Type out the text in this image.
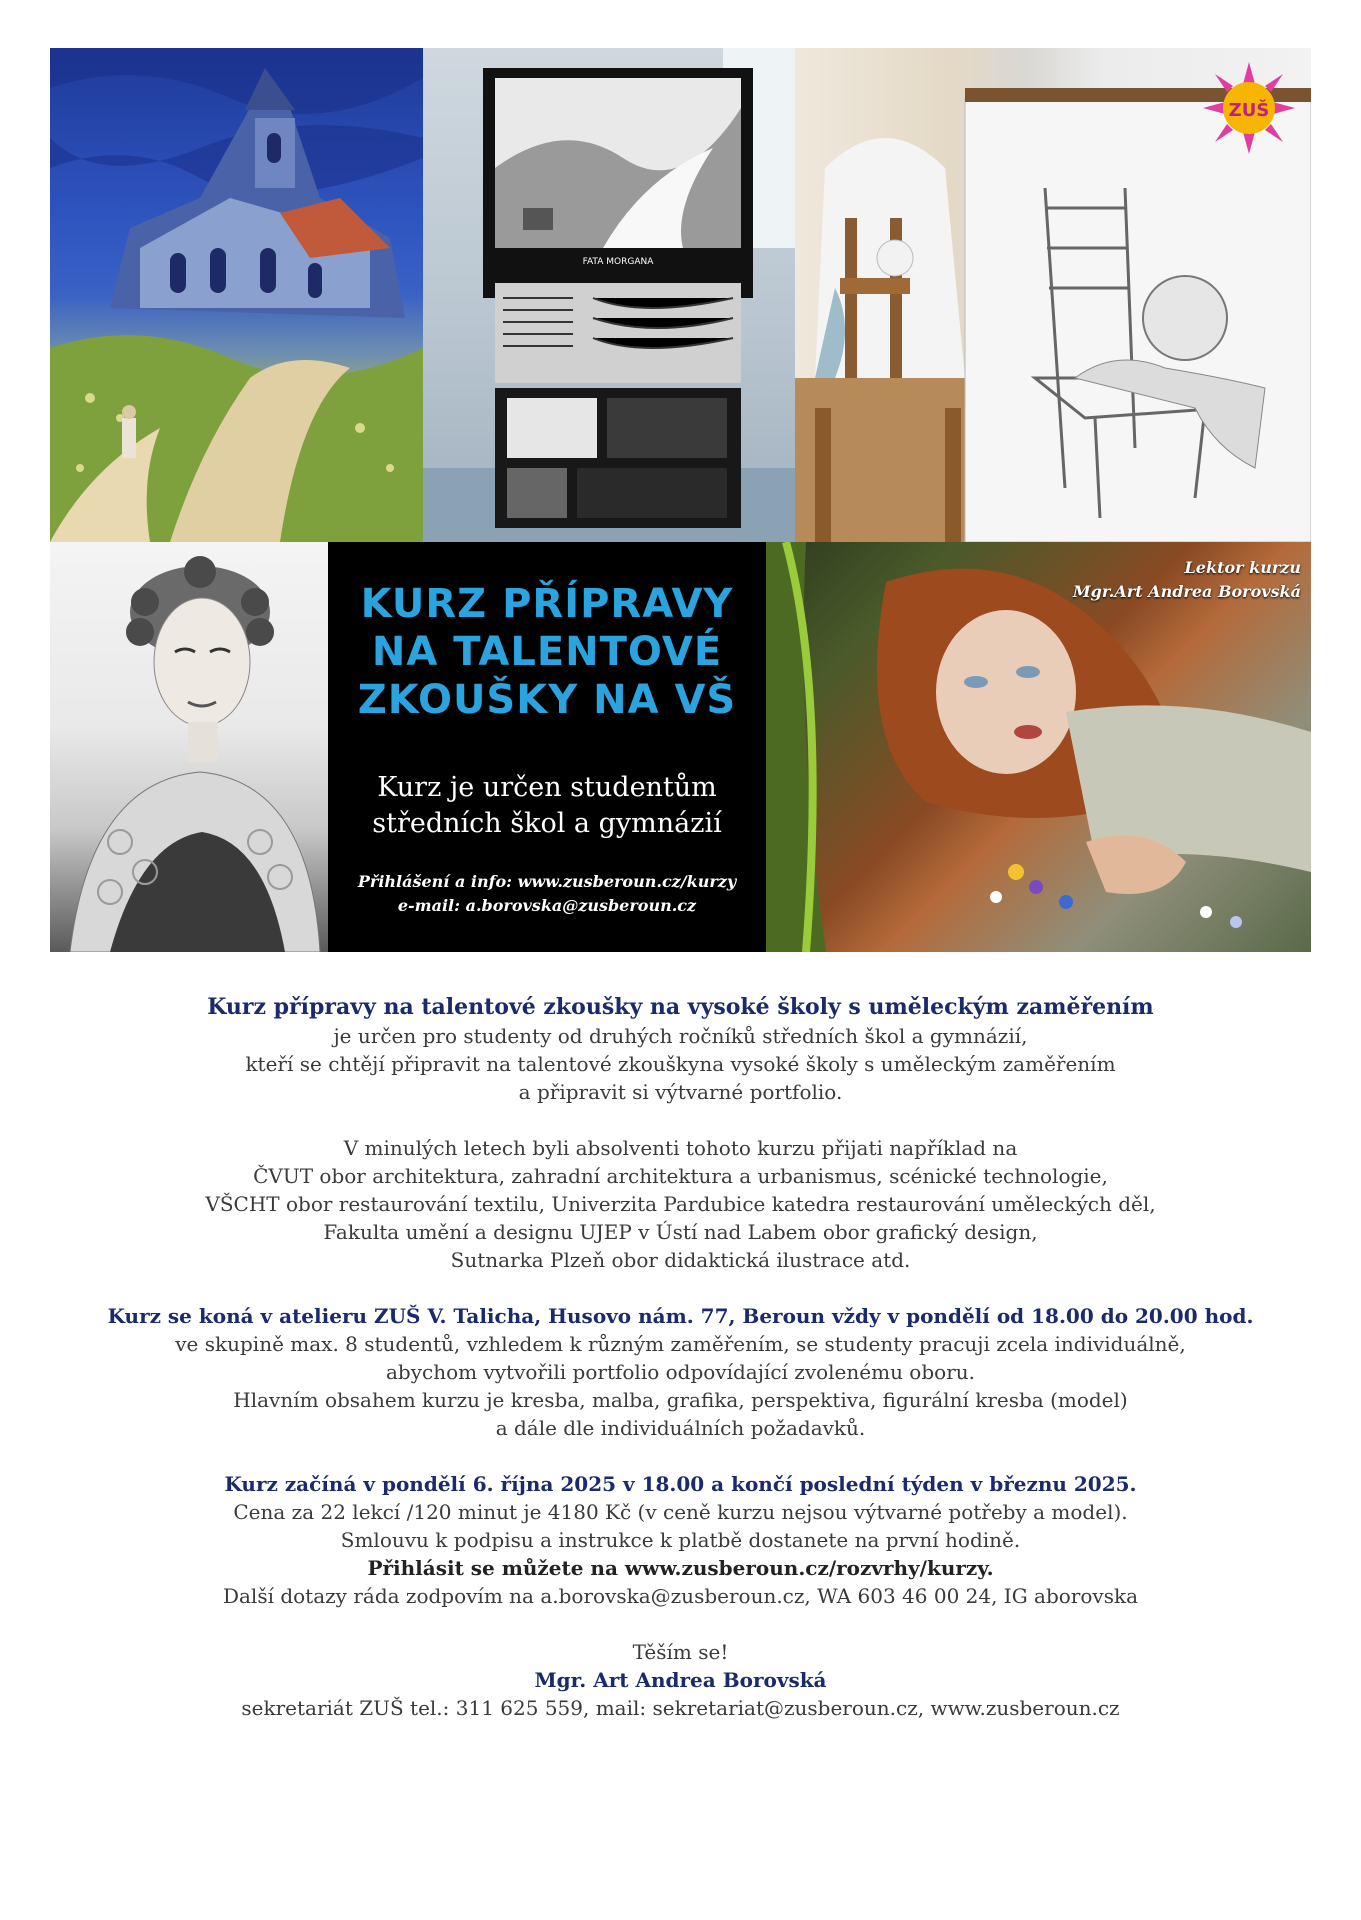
FATA MORGANA
ZUŠ
KURZ PŘÍPRAVY
NA TALENTOVÉ
ZKOUŠKY NA VŠ
Kurz je určen studentům
středních škol a gymnázií
Přihlášení a info: www.zusberoun.cz/kurzy
e-mail: a.borovska@zusberoun.cz
Lektor kurzu
Mgr.Art Andrea Borovská

Kurz přípravy na talentové zkoušky na vysoké školy s uměleckým zaměřením

je určen pro studenty od druhých ročníků středních škol a gymnázií,

kteří se chtějí připravit na talentové zkouškyna vysoké školy s uměleckým zaměřením

a připravit si výtvarné portfolio.

V minulých letech byli absolventi tohoto kurzu přijati například na

ČVUT obor architektura, zahradní architektura a urbanismus, scénické technologie,

VŠCHT obor restaurování textilu, Univerzita Pardubice katedra restaurování uměleckých děl,

Fakulta umění a designu UJEP v Ústí nad Labem obor grafický design,

Sutnarka Plzeň obor didaktická ilustrace atd.

Kurz se koná v atelieru ZUŠ V. Talicha, Husovo nám. 77, Beroun vždy v pondělí od 18.00 do 20.00 hod.

ve skupině max. 8 studentů, vzhledem k různým zaměřením, se studenty pracuji zcela individuálně,

abychom vytvořili portfolio odpovídající zvolenému oboru.

Hlavním obsahem kurzu je kresba, malba, grafika, perspektiva, figurální kresba (model)

a dále dle individuálních požadavků.

Kurz začíná v pondělí 6. října 2025 v 18.00 a končí poslední týden v březnu 2025.

Cena za 22 lekcí /120 minut je 4180 Kč (v ceně kurzu nejsou výtvarné potřeby a model).

Smlouvu k podpisu a instrukce k platbě dostanete na první hodině.

Přihlásit se můžete na www.zusberoun.cz/rozvrhy/kurzy.

Další dotazy ráda zodpovím na a.borovska@zusberoun.cz, WA 603 46 00 24, IG aborovska

Těším se!

Mgr. Art Andrea Borovská

sekretariát ZUŠ tel.: 311 625 559, mail: sekretariat@zusberoun.cz, www.zusberoun.cz
